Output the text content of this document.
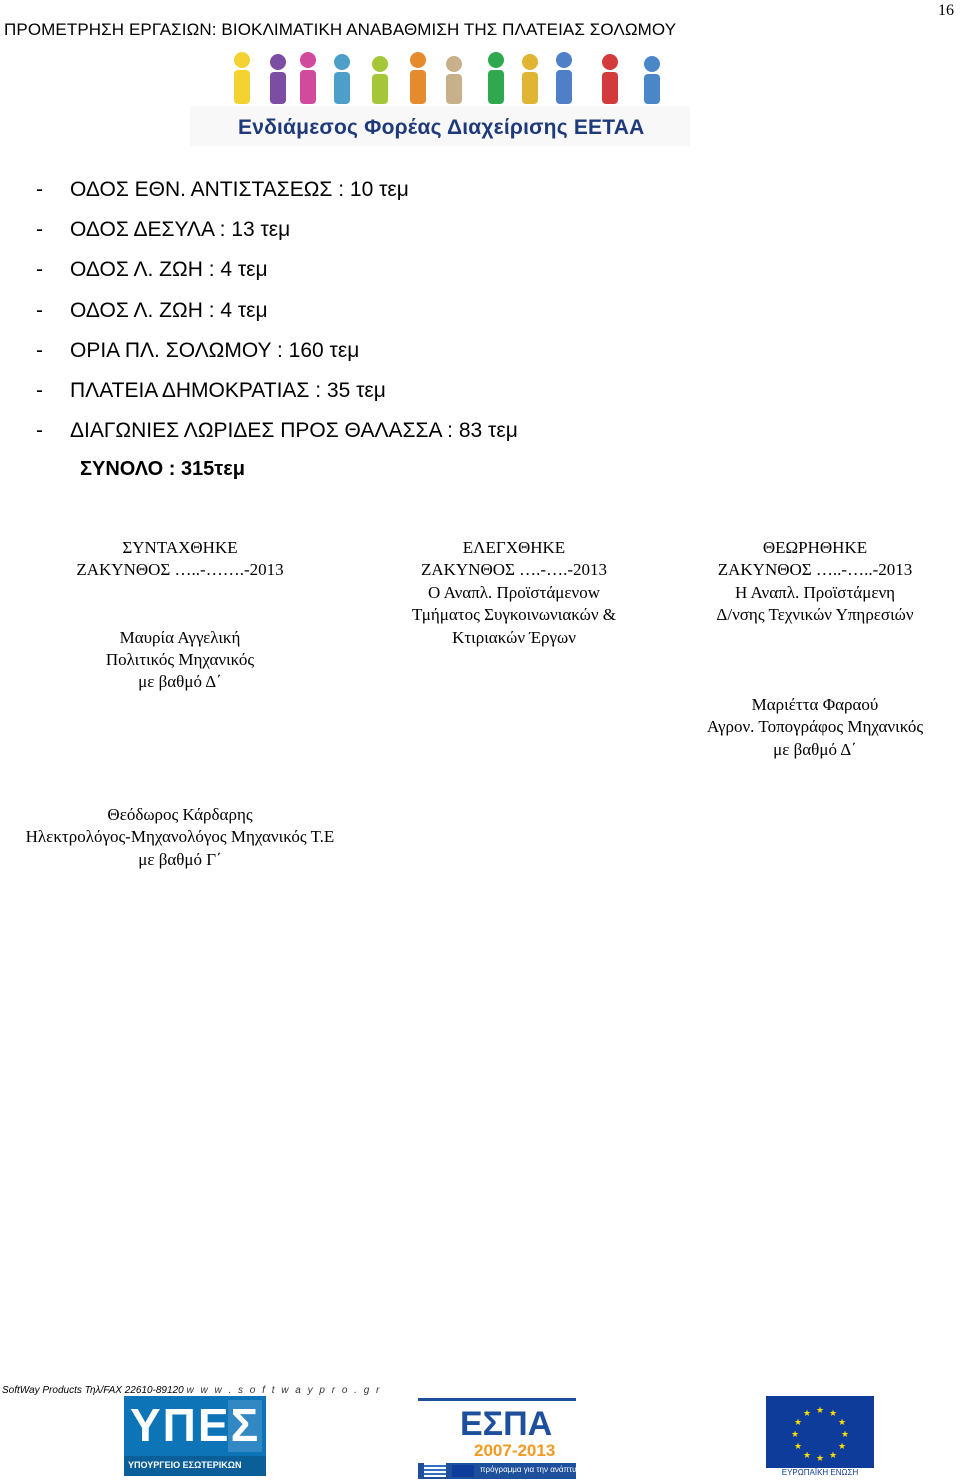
16
ΠΡΟΜΕΤΡΗΣΗ ΕΡΓΑΣΙΩΝ: ΒΙΟΚΛΙΜΑΤΙΚΗ ΑΝΑΒΑΘΜΙΣΗ ΤΗΣ ΠΛΑΤΕΙΑΣ ΣΟΛΩΜΟΥ
Ενδιάμεσος Φορέας Διαχείρισης ΕΕΤΑΑ
- ΟΔΟΣ ΕΘΝ. ΑΝΤΙΣΤΑΣΕΩΣ : 10 τεμ
- ΟΔΟΣ ΔΕΣΥΛΑ : 13 τεμ
- ΟΔΟΣ Λ. ΖΩΗ : 4 τεμ
- ΟΔΟΣ Λ. ΖΩΗ : 4 τεμ
- ΟΡΙΑ ΠΛ. ΣΟΛΩΜΟΥ : 160 τεμ
- ΠΛΑΤΕΙΑ ΔΗΜΟΚΡΑΤΙΑΣ : 35 τεμ
- ΔΙΑΓΩΝΙΕΣ ΛΩΡΙΔΕΣ ΠΡΟΣ ΘΑΛΑΣΣΑ : 83 τεμ
ΣΥΝΟΛΟ : 315τεμ
ΣΥΝΤΑΧΘΗΚΕ
ΖΑΚΥΝΘΟΣ …..-…….-2013
Μαυρία Αγγελική
Πολιτικός Μηχανικός
με βαθμό Δ΄
ΕΛΕΓΧΘΗΚΕ
ΖΑΚΥΝΘΟΣ ….-….-2013
Ο Αναπλ. Προϊστάμενοw
Τμήματος Συγκοινωνιακών &
Κτιριακών Έργων
ΘΕΩΡΗΘΗΚΕ
ΖΑΚΥΝΘΟΣ …..-…..-2013
Η Αναπλ. Προϊστάμενη
Δ/νσης Τεχνικών Υπηρεσιών
Μαριέττα Φαραού
Αγρον. Τοπογράφος Μηχανικός
με βαθμό Δ΄
Θεόδωρος Κάρδαρης
Ηλεκτρολόγος-Μηχανολόγος Μηχανικός Τ.Ε
με βαθμό Γ΄
SoftWay Products Τηλ/FAX 22610-89120 w w w . s o f t w a y p r o . g r
ΥΠΕΣ
ΥΠΟΥΡΓΕΙΟ ΕΣΩΤΕΡΙΚΩΝ
ΕΣΠΑ
2007-2013
πρόγραμμα για την ανάπτυξη
★ ★
★
★
★
★
★
★
★
★
★
★
ΕΥΡΩΠΑΪΚΗ ΕΝΩΣΗ
